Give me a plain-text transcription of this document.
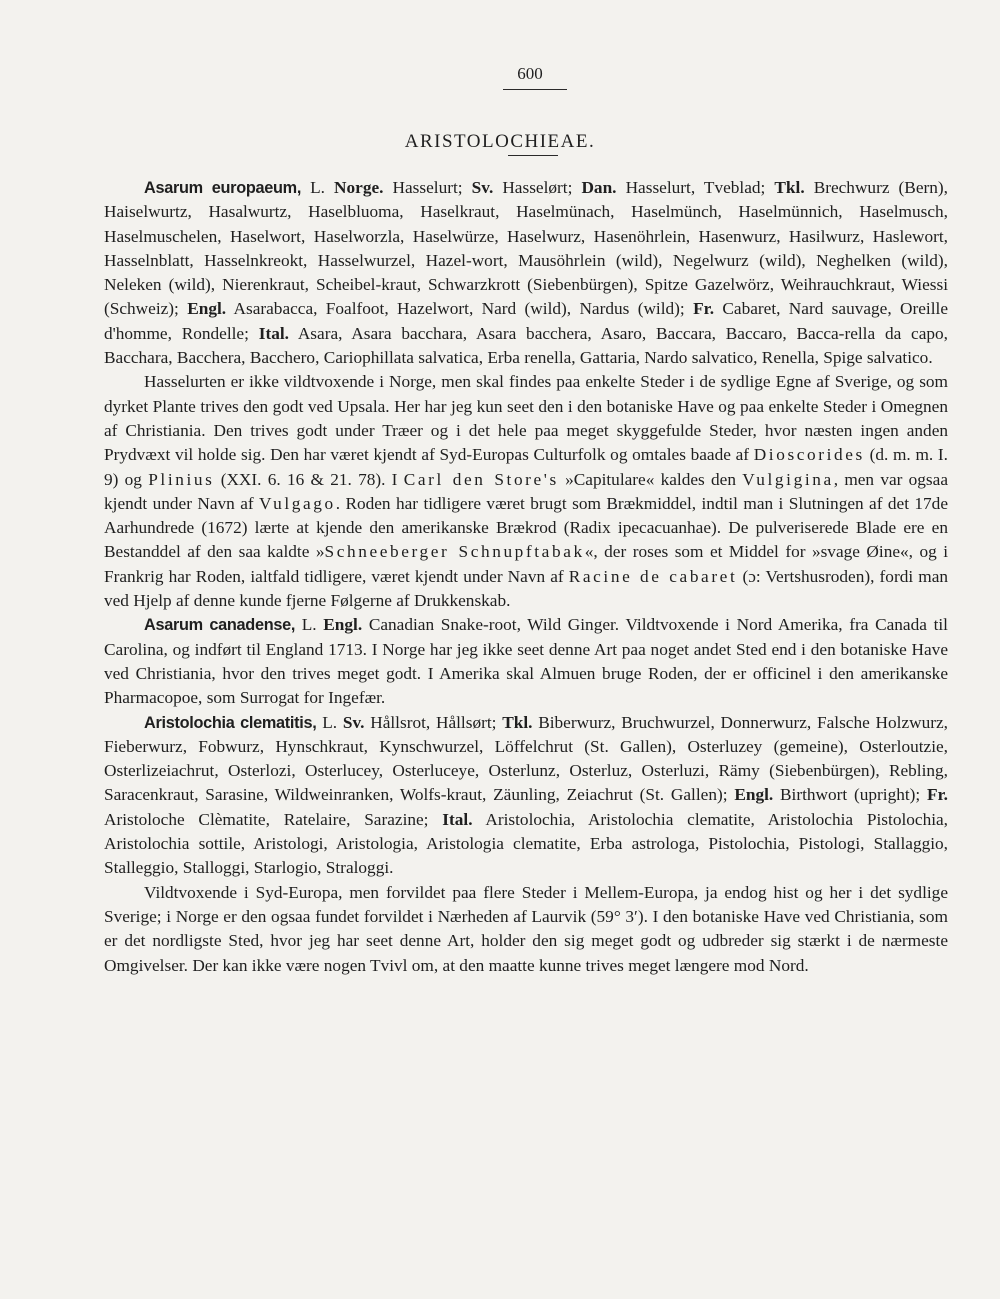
600
ARISTOLOCHIEAE.

Asarum europaeum, L. Norge. Hasselurt; Sv. Hasselørt; Dan. Hasselurt, Tveblad; Tkl. Brechwurz (Bern), Haiselwurtz, Hasalwurtz, Haselbluoma, Haselkraut, Haselmünach, Haselmünch, Haselmünnich, Haselmusch, Haselmuschelen, Haselwort, Haselworzla, Haselwürze, Haselwurz, Hasenöhrlein, Hasenwurz, Hasilwurz, Haslewort, Hasselnblatt, Hasselnkreokt, Hasselwurzel, Hazel-wort, Mausöhrlein (wild), Negelwurz (wild), Neghelken (wild), Neleken (wild), Nierenkraut, Scheibel-kraut, Schwarzkrott (Siebenbürgen), Spitze Gazelwörz, Weihrauchkraut, Wiessi (Schweiz); Engl. Asarabacca, Foalfoot, Hazelwort, Nard (wild), Nardus (wild); Fr. Cabaret, Nard sauvage, Oreille d'homme, Rondelle; Ital. Asara, Asara bacchara, Asara bacchera, Asaro, Baccara, Baccaro, Bacca-rella da capo, Bacchara, Bacchera, Bacchero, Cariophillata salvatica, Erba renella, Gattaria, Nardo salvatico, Renella, Spige salvatico.

Hasselurten er ikke vildtvoxende i Norge, men skal findes paa enkelte Steder i de sydlige Egne af Sverige, og som dyrket Plante trives den godt ved Upsala. Her har jeg kun seet den i den botaniske Have og paa enkelte Steder i Omegnen af Christiania. Den trives godt under Træer og i det hele paa meget skyggefulde Steder, hvor næsten ingen anden Prydvæxt vil holde sig. Den har været kjendt af Syd-Europas Culturfolk og omtales baade af Dioscorides (d. m. m. I. 9) og Plinius (XXI. 6. 16 & 21. 78). I Carl den Store's »Capitulare« kaldes den Vulgigina, men var ogsaa kjendt under Navn af Vulgago. Roden har tidligere været brugt som Brækmiddel, indtil man i Slutningen af det 17de Aarhundrede (1672) lærte at kjende den amerikanske Brækrod (Radix ipecacuanhae). De pulveriserede Blade ere en Bestanddel af den saa kaldte »Schneeberger Schnupftabak«, der roses som et Middel for »svage Øine«, og i Frankrig har Roden, ialtfald tidligere, været kjendt under Navn af Racine de cabaret (ɔ: Vertshusroden), fordi man ved Hjelp af denne kunde fjerne Følgerne af Drukkenskab.

Asarum canadense, L. Engl. Canadian Snake-root, Wild Ginger. Vildtvoxende i Nord Amerika, fra Canada til Carolina, og indført til England 1713. I Norge har jeg ikke seet denne Art paa noget andet Sted end i den botaniske Have ved Christiania, hvor den trives meget godt. I Amerika skal Almuen bruge Roden, der er officinel i den amerikanske Pharmacopoe, som Surrogat for Ingefær.

Aristolochia clematitis, L. Sv. Hållsrot, Hållsørt; Tkl. Biberwurz, Bruchwurzel, Donnerwurz, Falsche Holzwurz, Fieberwurz, Fobwurz, Hynschkraut, Kynschwurzel, Löffelchrut (St. Gallen), Osterluzey (gemeine), Osterloutzie, Osterlizeiachrut, Osterlozi, Osterlucey, Osterluceye, Osterlunz, Osterluz, Osterluzi, Rämy (Siebenbürgen), Rebling, Saracenkraut, Sarasine, Wildweinranken, Wolfs-kraut, Zäunling, Zeiachrut (St. Gallen); Engl. Birthwort (upright); Fr. Aristoloche Clèmatite, Ratelaire, Sarazine; Ital. Aristolochia, Aristolochia clematite, Aristolochia Pistolochia, Aristolochia sottile, Aristologi, Aristologia, Aristologia clematite, Erba astrologa, Pistolochia, Pistologi, Stallaggio, Stalleggio, Stalloggi, Starlogio, Straloggi.

Vildtvoxende i Syd-Europa, men forvildet paa flere Steder i Mellem-Europa, ja endog hist og her i det sydlige Sverige; i Norge er den ogsaa fundet forvildet i Nærheden af Laurvik (59° 3′). I den botaniske Have ved Christiania, som er det nordligste Sted, hvor jeg har seet denne Art, holder den sig meget godt og udbreder sig stærkt i de nærmeste Omgivelser. Der kan ikke være nogen Tvivl om, at den maatte kunne trives meget længere mod Nord.
